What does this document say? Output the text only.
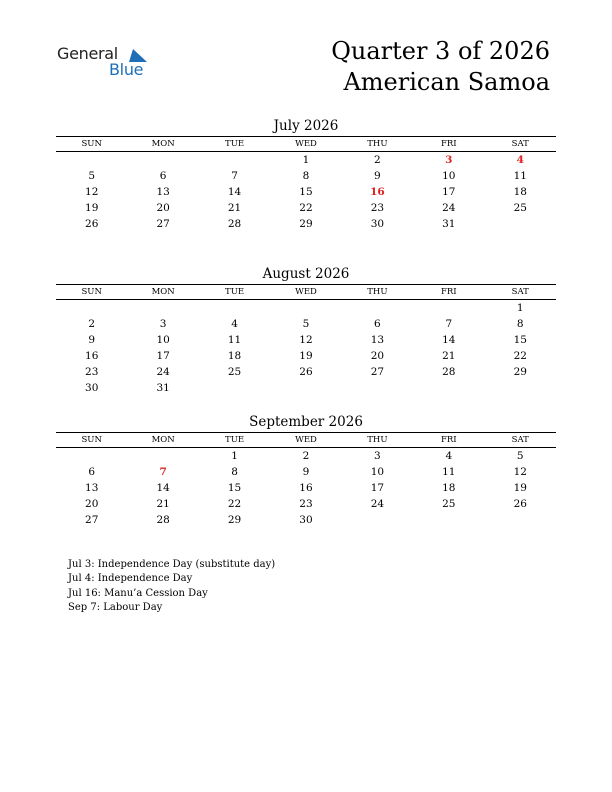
General
Blue
Quarter 3 of 2026
American Samoa
July 2026
SUN	MON	TUE	WED	THU	FRI	SAT
			1	2	3	4
5	6	7	8	9	10	11
12	13	14	15	16	17	18
19	20	21	22	23	24	25
26	27	28	29	30	31	
August 2026
SUN	MON	TUE	WED	THU	FRI	SAT
						1
2	3	4	5	6	7	8
9	10	11	12	13	14	15
16	17	18	19	20	21	22
23	24	25	26	27	28	29
30	31					
September 2026
SUN	MON	TUE	WED	THU	FRI	SAT
		1	2	3	4	5
6	7	8	9	10	11	12
13	14	15	16	17	18	19
20	21	22	23	24	25	26
27	28	29	30			
Jul 3: Independence Day (substitute day)
Jul 4: Independence Day
Jul 16: Manu’a Cession Day
Sep 7: Labour Day
